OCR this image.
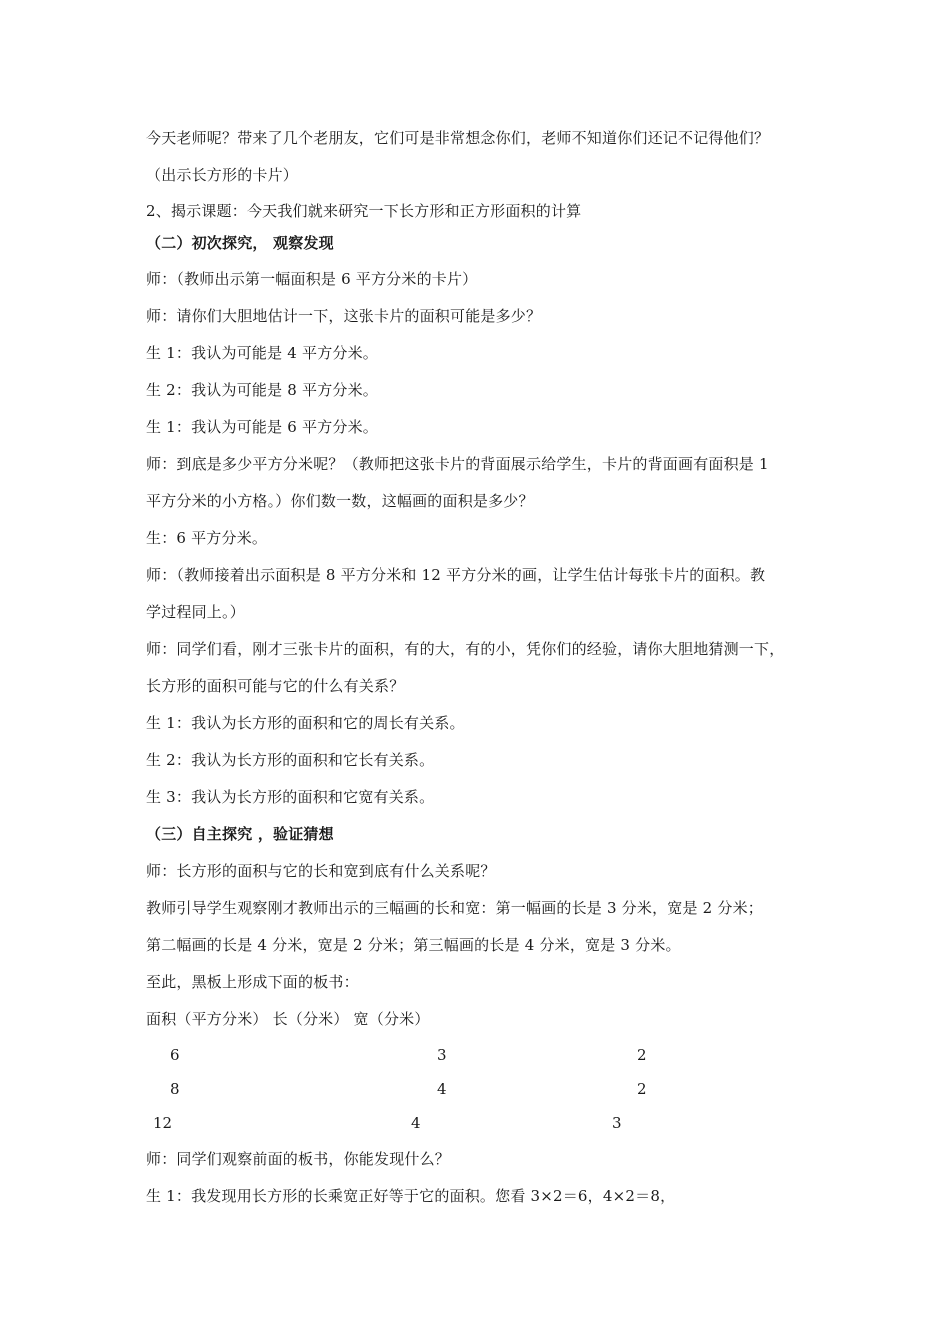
今天老师呢？带来了几个老朋友，它们可是非常想念你们，老师不知道你们还记不记得他们？
（出示长方形的卡片）
2、揭示课题：今天我们就来研究一下长方形和正方形面积的计算
（二）初次探究， 观察发现
师：（教师出示第一幅面积是 6 平方分米的卡片）
师：请你们大胆地估计一下，这张卡片的面积可能是多少？
生 1：我认为可能是 4 平方分米。
生 2：我认为可能是 8 平方分米。
生 1：我认为可能是 6 平方分米。
师：到底是多少平方分米呢？（教师把这张卡片的背面展示给学生，卡片的背面画有面积是 1
平方分米的小方格。）你们数一数，这幅画的面积是多少？
生：6 平方分米。
师：（教师接着出示面积是 8 平方分米和 12 平方分米的画，让学生估计每张卡片的面积。教
学过程同上。）
师：同学们看，刚才三张卡片的面积，有的大，有的小，凭你们的经验，请你大胆地猜测一下，
长方形的面积可能与它的什么有关系？
生 1：我认为长方形的面积和它的周长有关系。
生 2：我认为长方形的面积和它长有关系。
生 3：我认为长方形的面积和它宽有关系。
（三）自主探究 ，验证猜想
师：长方形的面积与它的长和宽到底有什么关系呢？
教师引导学生观察刚才教师出示的三幅画的长和宽：第一幅画的长是 3 分米，宽是 2 分米；
第二幅画的长是 4 分米，宽是 2 分米；第三幅画的长是 4 分米，宽是 3 分米。
至此，黑板上形成下面的板书：
面积（平方分米） 长（分米） 宽（分米）
6	3	2
8	4	2
12	4	3
师：同学们观察前面的板书，你能发现什么？
生 1：我发现用长方形的长乘宽正好等于它的面积。您看 3×2＝6，4×2＝8，
